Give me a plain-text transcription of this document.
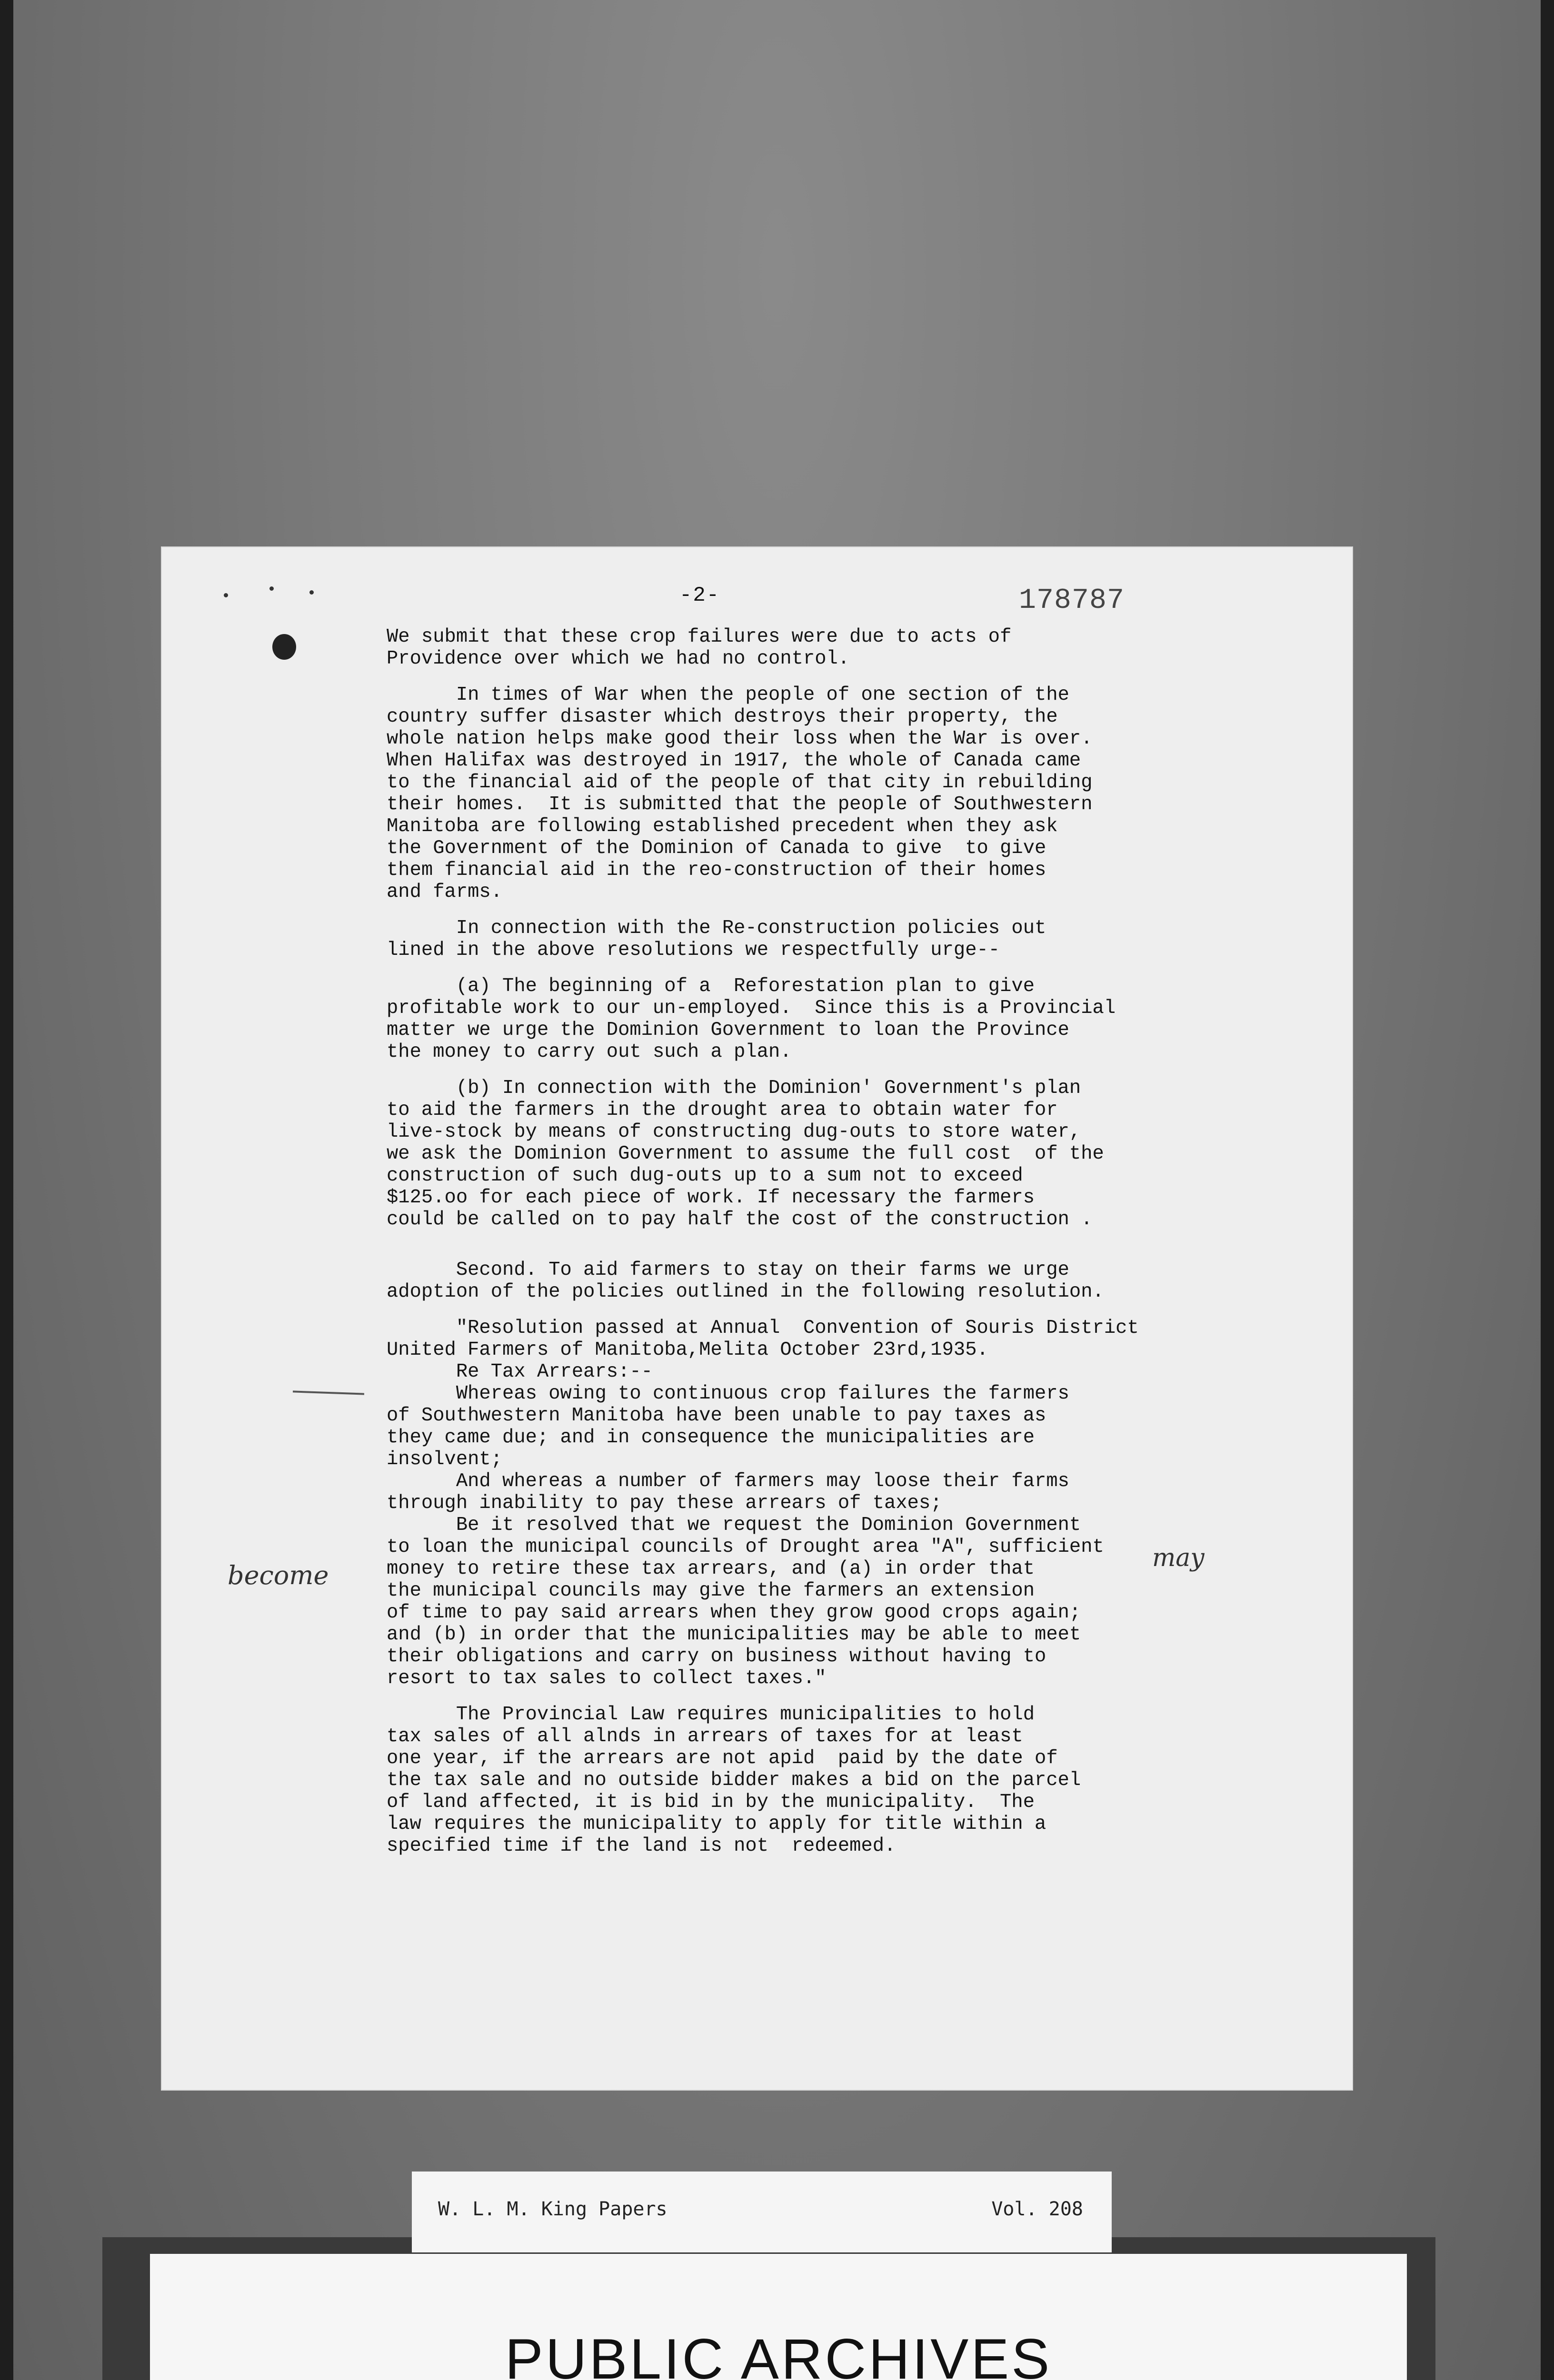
-2-	178787
We submit that these crop failures were due to acts of
Providence over which we had no control.
In times of War when the people of one section of the
country suffer disaster which destroys their property, the
whole nation helps make good their loss when the War is over.
When Halifax was destroyed in 1917, the whole of Canada came
to the financial aid of the people of that city in rebuilding
their homes.  It is submitted that the people of Southwestern
Manitoba are following established precedent when they ask
the Government of the Dominion of Canada to give  to give
them financial aid in the reo-construction of their homes
and farms.
In connection with the Re-construction policies out
lined in the above resolutions we respectfully urge--
(a) The beginning of a  Reforestation plan to give
profitable work to our un-employed.  Since this is a Provincial
matter we urge the Dominion Government to loan the Province
the money to carry out such a plan.
(b) In connection with the Dominion' Government's plan
to aid the farmers in the drought area to obtain water for
live-stock by means of constructing dug-outs to store water,
we ask the Dominion Government to assume the full cost  of the
construction of such dug-outs up to a sum not to exceed
$125.oo for each piece of work. If necessary the farmers
could be called on to pay half the cost of the construction .
Second. To aid farmers to stay on their farms we urge
adoption of the policies outlined in the following resolution.
"Resolution passed at Annual  Convention of Souris District
United Farmers of Manitoba,Melita October 23rd,1935.
Re Tax Arrears:--
Whereas owing to continuous crop failures the farmers
of Southwestern Manitoba have been unable to pay taxes as
they came due; and in consequence the municipalities are
insolvent;
And whereas a number of farmers may loose their farms
through inability to pay these arrears of taxes;
Be it resolved that we request the Dominion Government
to loan the municipal councils of Drought area "A", sufficient
money to retire these tax arrears, and (a) in order that
the municipal councils may give the farmers an extension
of time to pay said arrears when they grow good crops again;
and (b) in order that the municipalities may be able to meet
their obligations and carry on business without having to
resort to tax sales to collect taxes."
The Provincial Law requires municipalities to hold
tax sales of all alnds in arrears of taxes for at least
one year, if the arrears are not apid  paid by the date of
the tax sale and no outside bidder makes a bid on the parcel
of land affected, it is bid in by the municipality.  The
law requires the municipality to apply for title within a
specified time if the land is not  redeemed.
become
may
W. L. M. King Papers	Vol. 208
PUBLIC ARCHIVES
